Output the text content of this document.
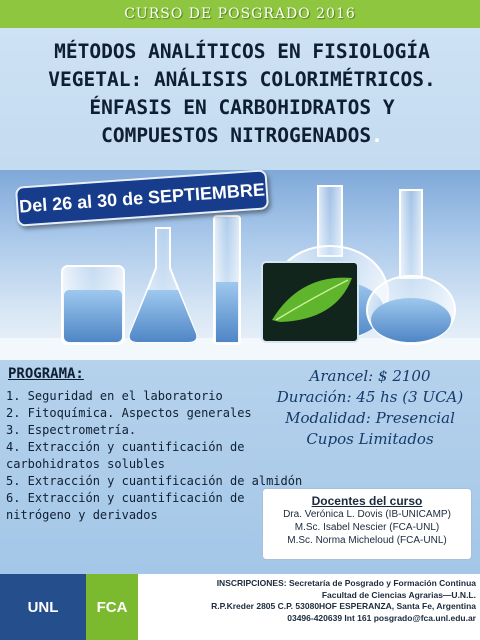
CURSO DE POSGRADO 2016
MÉTODOS ANALÍTICOS EN FISIOLOGÍA
VEGETAL: ANÁLISIS COLORIMÉTRICOS.
ÉNFASIS EN CARBOHIDRATOS Y
COMPUESTOS NITROGENADOS.
Del 26 al 30 de SEPTIEMBRE
PROGRAMA:
1. Seguridad en el laboratorio
2. Fitoquímica. Aspectos generales
3. Espectrometría.
4. Extracción y cuantificación de carbohidratos solubles
5. Extracción y cuantificación de almidón
6. Extracción y cuantificación de nitrógeno y derivados
Arancel: $ 2100
Duración: 45 hs (3 UCA)
Modalidad: Presencial
Cupos Limitados
Docentes del curso
Dra. Verónica L. Dovis (IB-UNICAMP)
M.Sc. Isabel Nescier (FCA-UNL)
M.Sc. Norma Micheloud (FCA-UNL)
UNL	FCA
INSCRIPCIONES: Secretaría de Posgrado y Formación Continua
Facultad de Ciencias Agrarias—U.N.L.
R.P.Kreder 2805 C.P. 53080HOF ESPERANZA, Santa Fe, Argentina
03496-420639 Int 161 posgrado@fca.unl.edu.ar
